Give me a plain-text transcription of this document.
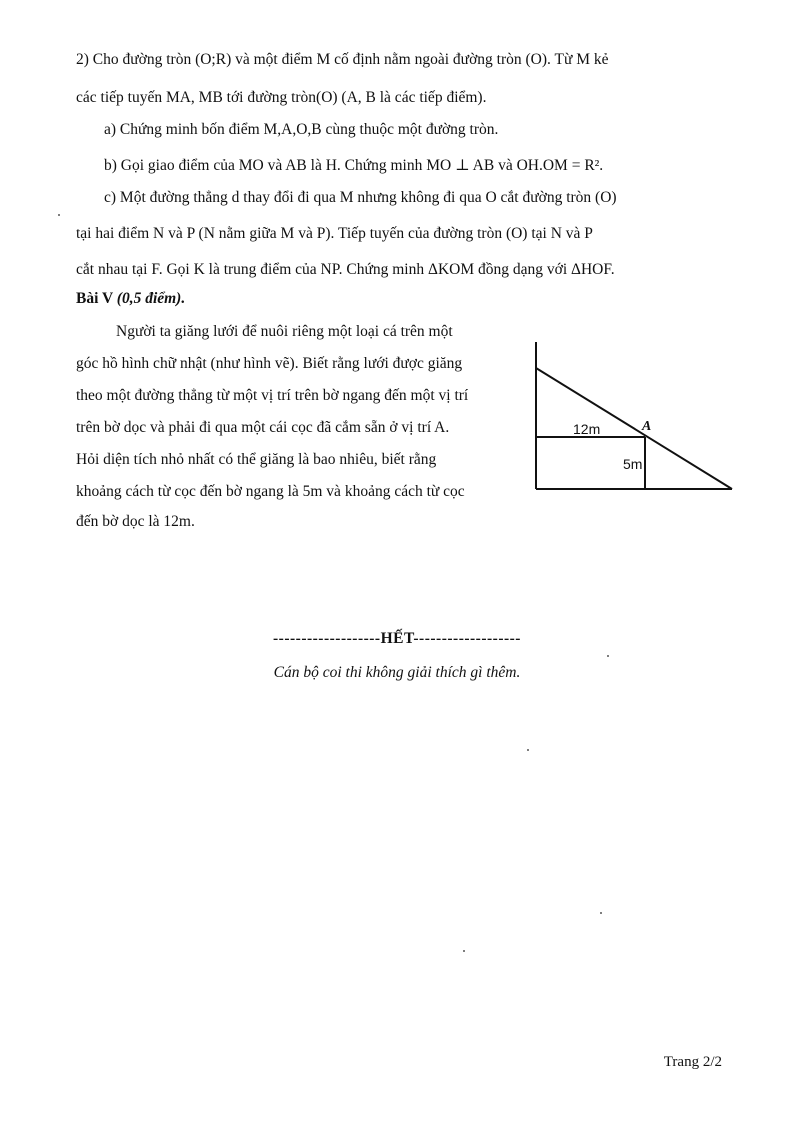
2) Cho đường tròn (O;R) và một điểm M cố định nằm ngoài đường tròn (O). Từ M kẻ
các tiếp tuyến MA, MB tới đường tròn(O) (A, B là các tiếp điểm).
a) Chứng minh bốn điểm M,A,O,B cùng thuộc một đường tròn.
b) Gọi giao điểm của MO và AB là H. Chứng minh MO ⊥ AB và OH.OM = R².
c) Một đường thẳng d thay đổi đi qua M nhưng không đi qua O cắt đường tròn (O)
tại hai điểm N và P (N nằm giữa M và P). Tiếp tuyến của đường tròn (O) tại N và P
cắt nhau tại F. Gọi K là trung điểm của NP. Chứng minh ΔKOM đồng dạng với ΔHOF.
Bài V (0,5 điểm).
Người ta giăng lưới để nuôi riêng một loại cá trên một
góc hồ hình chữ nhật (như hình vẽ). Biết rằng lưới được giăng
theo một đường thẳng từ một vị trí trên bờ ngang đến một vị trí
trên bờ dọc và phải đi qua một cái cọc đã cắm sẵn ở vị trí A.
Hỏi diện tích nhỏ nhất có thể giăng là bao nhiêu, biết rằng
khoảng cách từ cọc đến bờ ngang là 5m và khoảng cách từ cọc
đến bờ dọc là 12m.
12m
5m
A
-------------------HẾT-------------------
Cán bộ coi thi không giải thích gì thêm.
Trang 2/2
